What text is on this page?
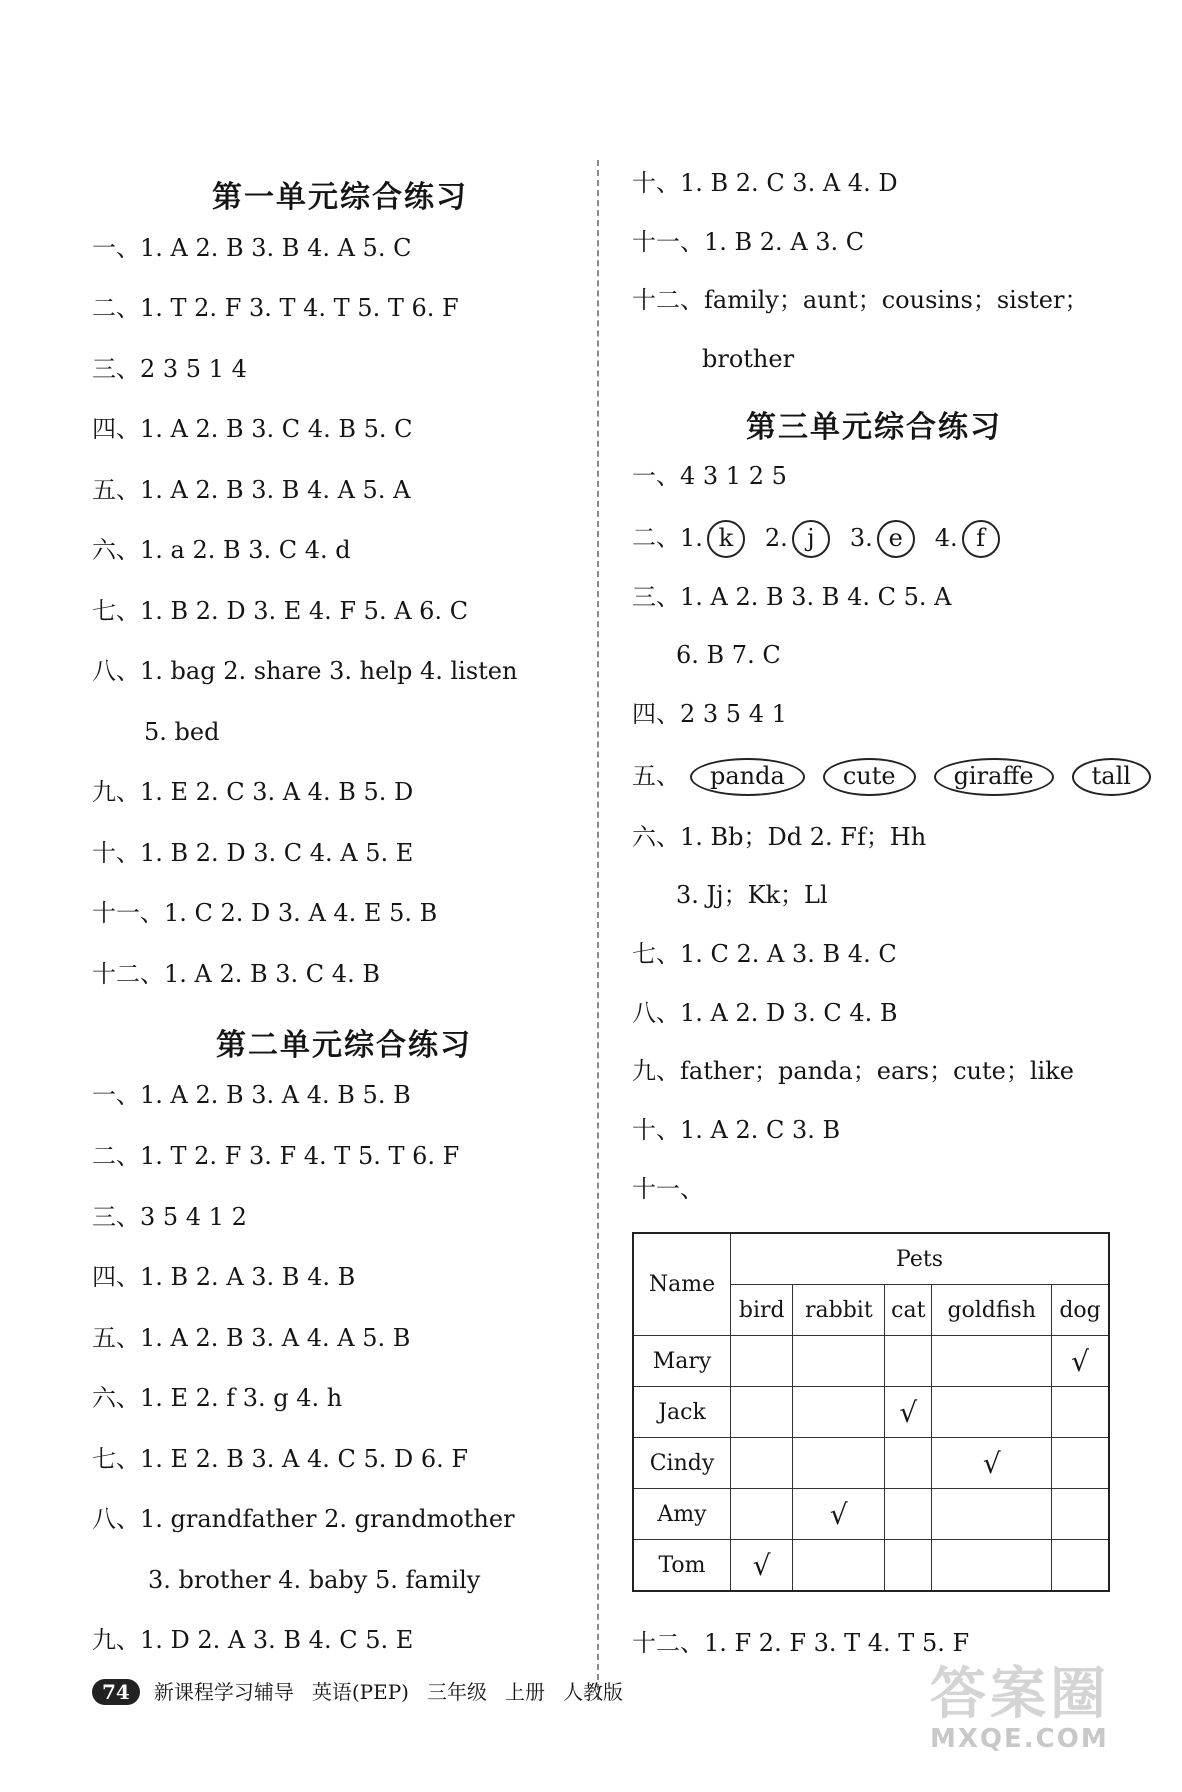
第一单元综合练习
一、1. A 2. B 3. B 4. A 5. C
二、1. T 2. F 3. T 4. T 5. T 6. F
三、2 3 5 1 4
四、1. A 2. B 3. C 4. B 5. C
五、1. A 2. B 3. B 4. A 5. A
六、1. a 2. B 3. C 4. d
七、1. B 2. D 3. E 4. F 5. A 6. C
八、1. bag 2. share 3. help 4. listen
5. bed
九、1. E 2. C 3. A 4. B 5. D
十、1. B 2. D 3. C 4. A 5. E
十一、1. C 2. D 3. A 4. E 5. B
十二、1. A 2. B 3. C 4. B
第二单元综合练习
一、1. A 2. B 3. A 4. B 5. B
二、1. T 2. F 3. F 4. T 5. T 6. F
三、3 5 4 1 2
四、1. B 2. A 3. B 4. B
五、1. A 2. B 3. A 4. A 5. B
六、1. E 2. f 3. g 4. h
七、1. E 2. B 3. A 4. C 5. D 6. F
八、1. grandfather 2. grandmother
3. brother 4. baby 5. family
九、1. D 2. A 3. B 4. C 5. E
十、1. B 2. C 3. A 4. D
十一、1. B 2. A 3. C
十二、family；aunt；cousins；sister；
brother
第三单元综合练习
一、4 3 1 2 5
二、1. k 2. j 3. e 4. f
三、1. A 2. B 3. B 4. C 5. A
6. B 7. C
四、2 3 5 4 1
五、 panda cute giraffe tall
六、1. Bb；Dd 2. Ff；Hh
3. Jj；Kk；Ll
七、1. C 2. A 3. B 4. C
八、1. A 2. D 3. C 4. B
九、father；panda；ears；cute；like
十、1. A 2. C 3. B
十一、
Name	Pets				
	bird	rabbit	cat	goldfish	dog
Mary					√
Jack			√		
Cindy				√	
Amy		√			
Tom	√				
十二、1. F 2. F 3. T 4. T 5. F
74 新课程学习辅导 英语(PEP) 三年级 上册 人教版	答案圈
MXQE.COM
